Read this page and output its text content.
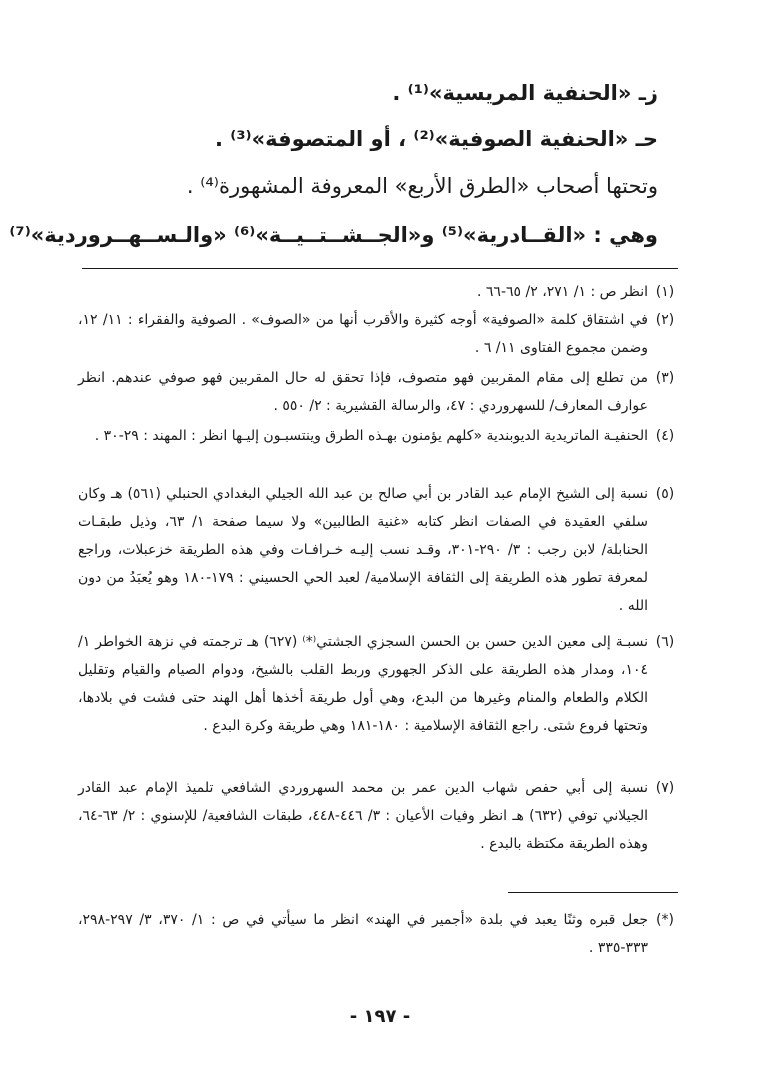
زـ «الحنفية المريسية»⁽¹⁾ .
حـ «الحنفية الصوفية»⁽²⁾ ، أو المتصوفة»⁽³⁾ .
وتحتها أصحاب «الطرق الأربع» المعروفة المشهورة⁽⁴⁾ .
وهي : «القــادرية»⁽⁵⁾ و«الجــشــتــيــة»⁽⁶⁾ «والـســهــروردية»⁽⁷⁾
(١)
انظر ص : ١/ ٢٧١، ٢/ ٦٥-٦٦ .
(٢)
في اشتقاق كلمة «الصوفية» أوجه كثيرة والأقرب أنها من «الصوف» . الصوفية والفقراء : ١١/ ١٢، وضمن مجموع الفتاوى ١١/ ٦ .
(٣)
من تطلع إلى مقام المقربين فهو متصوف، فإذا تحقق له حال المقربين فهو صوفي عندهم. انظر عوارف المعارف/ للسهروردي : ٤٧، والرسالة القشيرية : ٢/ ٥٥٠ .
(٤)
الحنفيـة الماتريدية الديوبندية «كلهم يؤمنون بهـذه الطرق وينتسبـون إليـها انظر : المهند : ٢٩-٣٠ .
(٥)
نسبة إلى الشيخ الإمام عبد القادر بن أبي صالح بن عبد الله الجيلي البغدادي الحنبلي (٥٦١) هـ وكان سلفي العقيدة في الصفات انظر كتابه «غنية الطالبين» ولا سيما صفحة ١/ ٦٣، وذيل طبقـات الحنابلة/ لابن رجب : ٣/ ٢٩٠-٣٠١، وقـد نسب إليـه خـرافـات وفي هذه الطريقة خزعبلات، وراجع لمعرفة تطور هذه الطريقة إلى الثقافة الإسلامية/ لعبد الحي الحسيني : ١٧٩-١٨٠ وهو يُعبَدُ من دون الله .
(٦)
نسبـة إلى معين الدين حسن بن الحسن السجزي الجشتي⁽*⁾ (٦٢٧) هـ ترجمته في نزهة الخواطر ١/ ١٠٤، ومدار هذه الطريقة على الذكر الجهوري وربط القلب بالشيخ، ودوام الصيام والقيام وتقليل الكلام والطعام والمنام وغيرها من البدع، وهي أول طريقة أخذها أهل الهند حتى فشت في بلادها، وتحتها فروع شتى. راجع الثقافة الإسلامية : ١٨٠-١٨١ وهي طريقة وكرة البدع .
(٧)
نسبة إلى أبي حفص شهاب الدين عمر بن محمد السهروردي الشافعي تلميذ الإمام عبد القادر الجيلاني توفي (٦٣٢) هـ انظر وفيات الأعيان : ٣/ ٤٤٦-٤٤٨، طبقات الشافعية/ للإسنوي : ٢/ ٦٣-٦٤، وهذه الطريقة مكتظة بالبدع .
(*)
جعل قبره وثنًا يعبد في بلدة «أجمير في الهند» انظر ما سيأتي في ص : ١/ ٣٧٠، ٣/ ٢٩٧-٢٩٨، ٣٣٣-٣٣٥ .
- ١٩٧ -
